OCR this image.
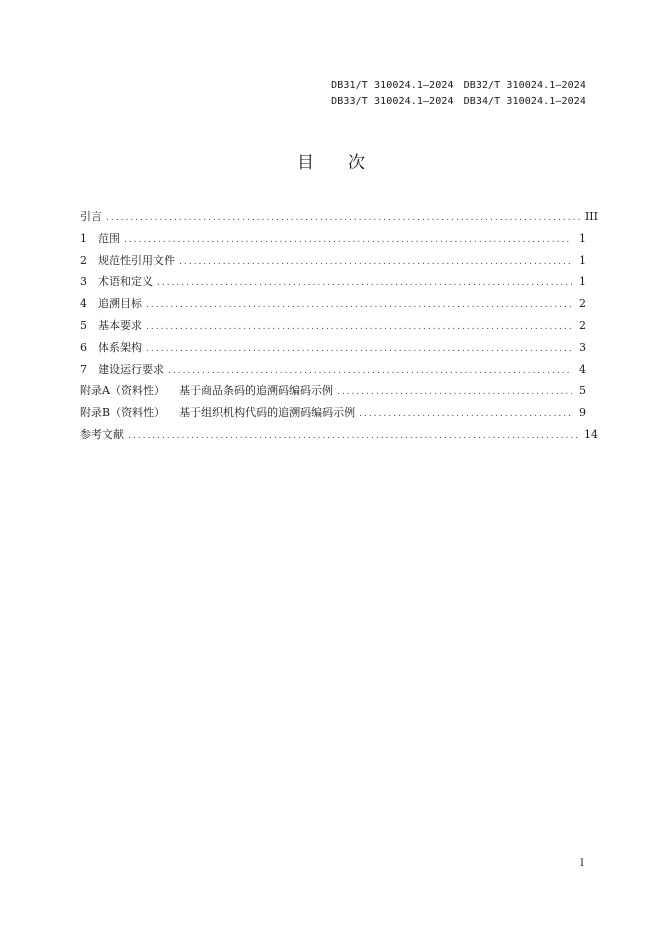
DB31/T 310024.1—2024 DB32/T 310024.1—2024
DB33/T 310024.1—2024 DB34/T 310024.1—2024
目 次
引言 .....	III
1	范围 .....	1
2	规范性引用文件 .....	1
3	术语和定义 .....	1
4	追溯目标 .....	2
5	基本要求 .....	2
6	体系架构 .....	3
7	建设运行要求 .....	4
附录A（资料性） 基于商品条码的追溯码编码示例 .....	5
附录B（资料性） 基于组织机构代码的追溯码编码示例 .....	9
参考文献 .....	14
I
